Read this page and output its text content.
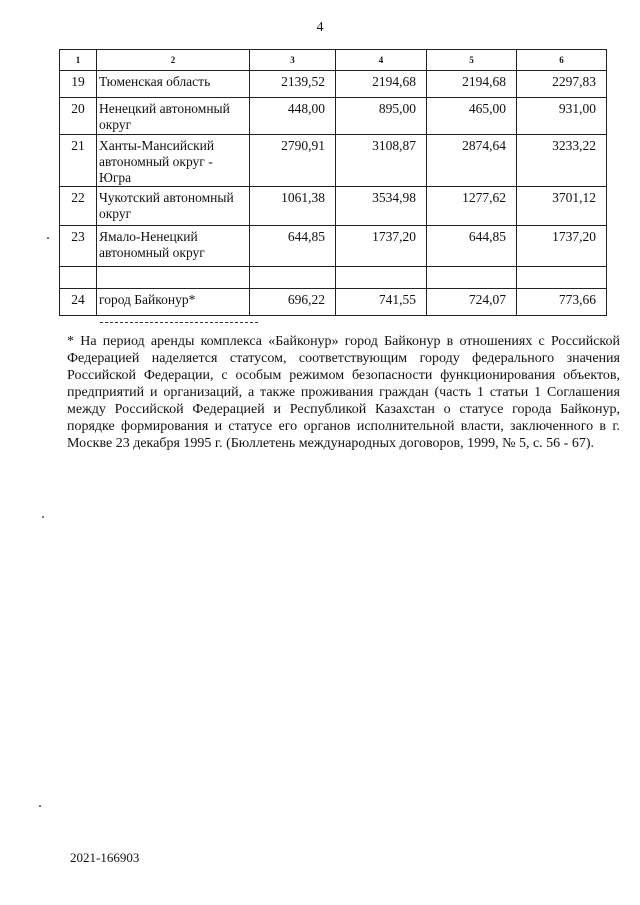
4
1	2	3	4	5	6
19	Тюменская область	2139,52	2194,68	2194,68	2297,83
20	Ненецкий автономный округ	448,00	895,00	465,00	931,00
21	Ханты-Мансийский автономный округ - Югра	2790,91	3108,87	2874,64	3233,22
22	Чукотский автономный округ	1061,38	3534,98	1277,62	3701,12
23	Ямало-Ненецкий автономный округ	644,85	1737,20	644,85	1737,20

24	город Байконур*	696,22	741,55	724,07	773,66
* На период аренды комплекса «Байконур» город Байконур в отношениях с Российской Федерацией наделяется статусом, соответствующим городу федерального значения Российской Федерации, с особым режимом безопасности функционирования объектов, предприятий и организаций, а также проживания граждан (часть 1 статьи 1 Соглашения между Российской Федерацией и Республикой Казахстан о статусе города Байконур, порядке формирования и статусе его органов исполнительной власти, заключенного в г. Москве 23 декабря 1995 г. (Бюллетень международных договоров, 1999, № 5, с. 56 - 67).
2021-166903
